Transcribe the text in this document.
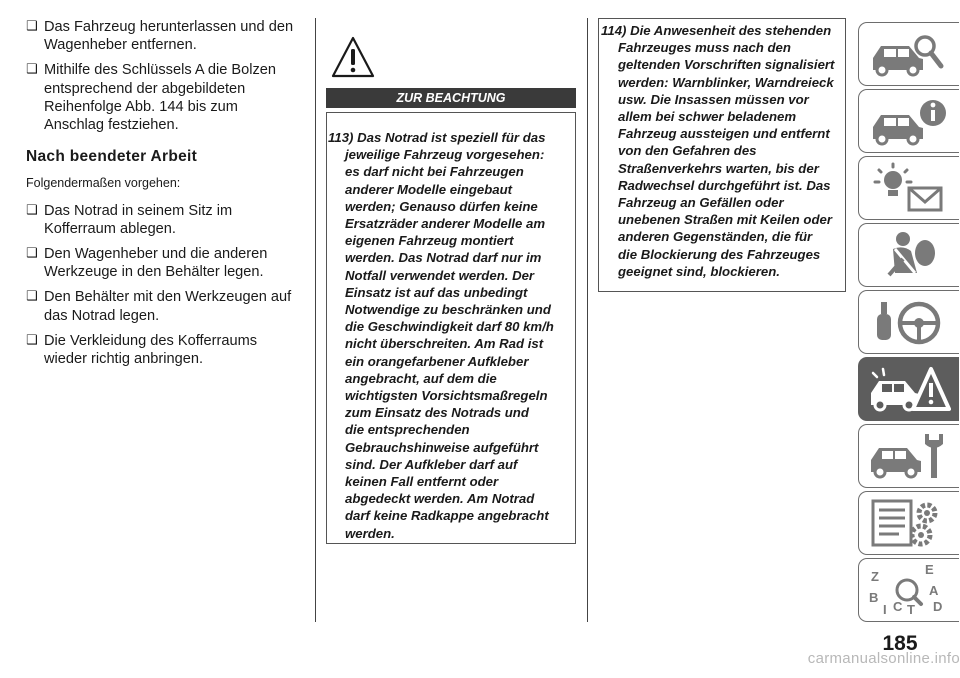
❑ Das Fahrzeug herunterlassen und den Wagenheber entfernen.
❑ Mithilfe des Schlüssels A die Bolzen entsprechend der abgebildeten Reihenfolge Abb. 144 bis zum Anschlag festziehen.
Nach beendeter Arbeit
Folgendermaßen vorgehen:
❑ Das Notrad in seinem Sitz im Kofferraum ablegen.
❑ Den Wagenheber und die anderen Werkzeuge in den Behälter legen.
❑ Den Behälter mit den Werkzeugen auf das Notrad legen.
❑ Die Verkleidung des Kofferraums wieder richtig anbringen.
ZUR BEACHTUNG
113) Das Notrad ist speziell für das
jeweilige Fahrzeug vorgesehen:
es darf nicht bei Fahrzeugen
anderer Modelle eingebaut
werden; Genauso dürfen keine
Ersatzräder anderer Modelle am
eigenen Fahrzeug montiert
werden. Das Notrad darf nur im
Notfall verwendet werden. Der
Einsatz ist auf das unbedingt
Notwendige zu beschränken und
die Geschwindigkeit darf 80 km/h
nicht überschreiten. Am Rad ist
ein orangefarbener Aufkleber
angebracht, auf dem die
wichtigsten Vorsichtsmaßregeln
zum Einsatz des Notrads und
die entsprechenden
Gebrauchshinweise aufgeführt
sind. Der Aufkleber darf auf
keinen Fall entfernt oder
abgedeckt werden. Am Notrad
darf keine Radkappe angebracht
werden.
114) Die Anwesenheit des stehenden
Fahrzeuges muss nach den
geltenden Vorschriften signalisiert
werden: Warnblinker, Warndreieck
usw. Die Insassen müssen vor
allem bei schwer beladenem
Fahrzeug aussteigen und entfernt
von den Gefahren des
Straßenverkehrs warten, bis der
Radwechsel durchgeführt ist. Das
Fahrzeug an Gefällen oder
unebenen Straßen mit Keilen oder
anderen Gegenständen, die für
die Blockierung des Fahrzeuges
geeignet sind, blockieren.
Z	E
B	A
C T
I	D
185
carmanualsonline.info
